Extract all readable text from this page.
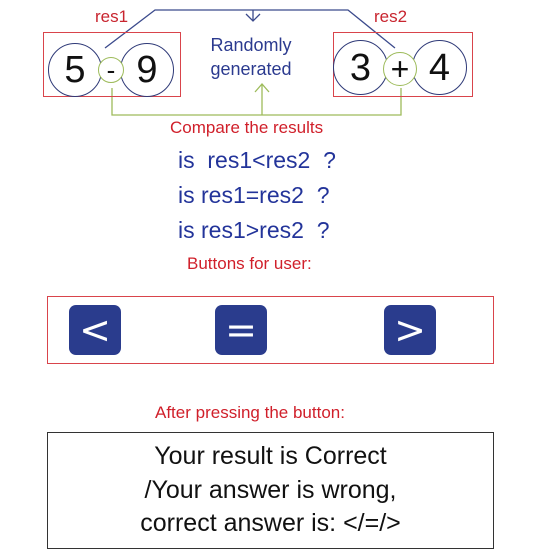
res1
5	9
-
res2
3	4
+
Randomly
generated
Compare the results
is  res1<res2  ?
is res1=res2  ?
is res1>res2  ?
Buttons for user:
<	=	>
After pressing the button:
Your result is Correct
/Your answer is wrong,
correct answer is: </=/>
